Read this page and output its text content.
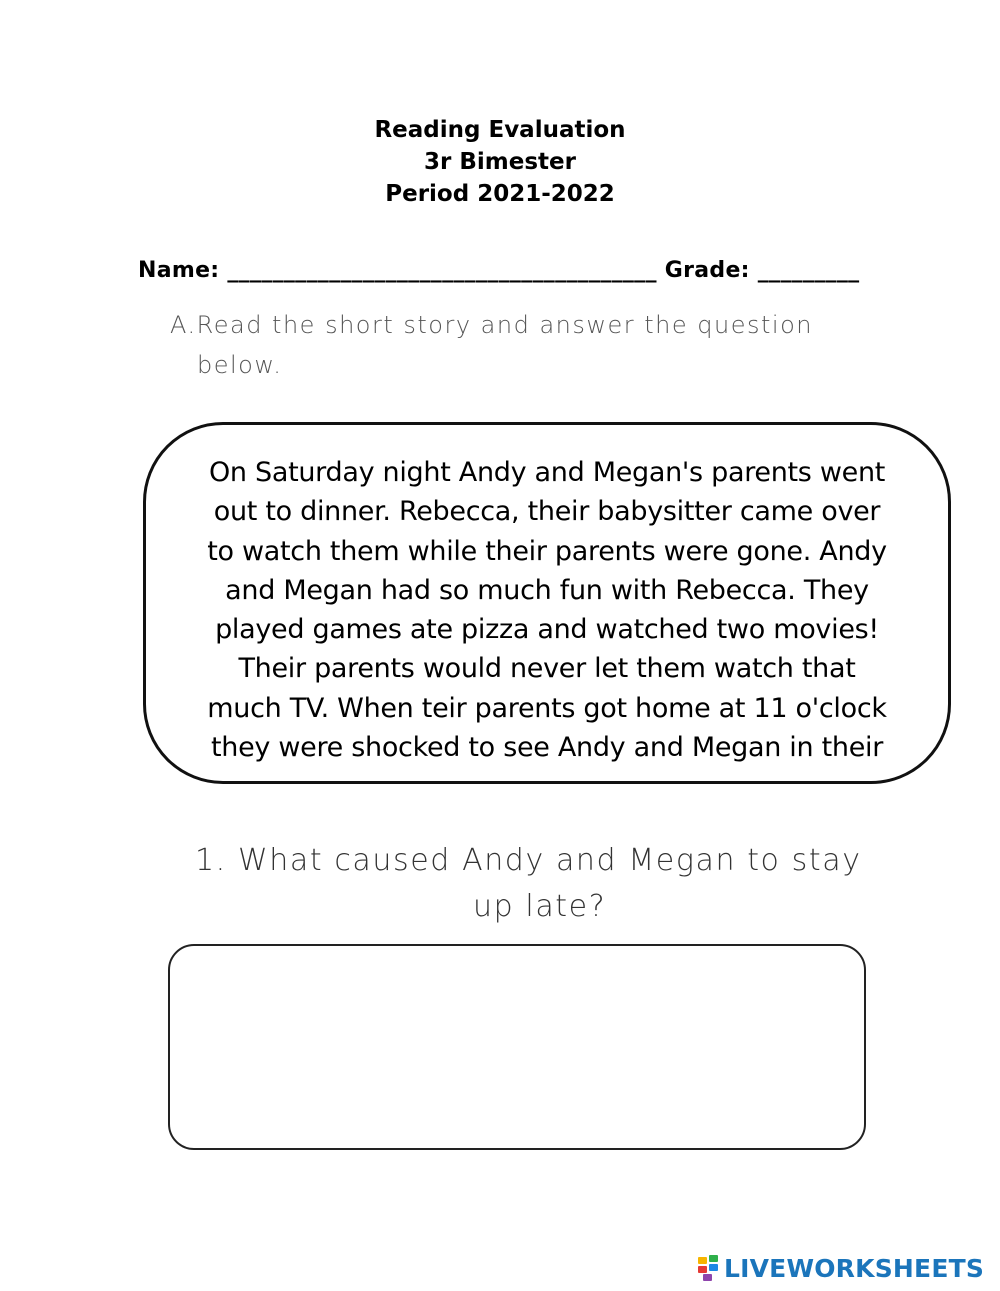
Reading Evaluation
3r Bimester
Period 2021-2022
Name: ______________________________________ Grade: _________
A.Read the short story and answer the question
below.
On Saturday night Andy and Megan's parents went
out to dinner. Rebecca, their babysitter came over
to watch them while their parents were gone. Andy
and Megan had so much fun with Rebecca. They
played games ate pizza and watched two movies!
Their parents would never let them watch that
much TV. When teir parents got home at 11 o'clock
they were shocked to see Andy and Megan in their
1. What caused Andy and Megan to stay
up late?
LIVEWORKSHEETS
